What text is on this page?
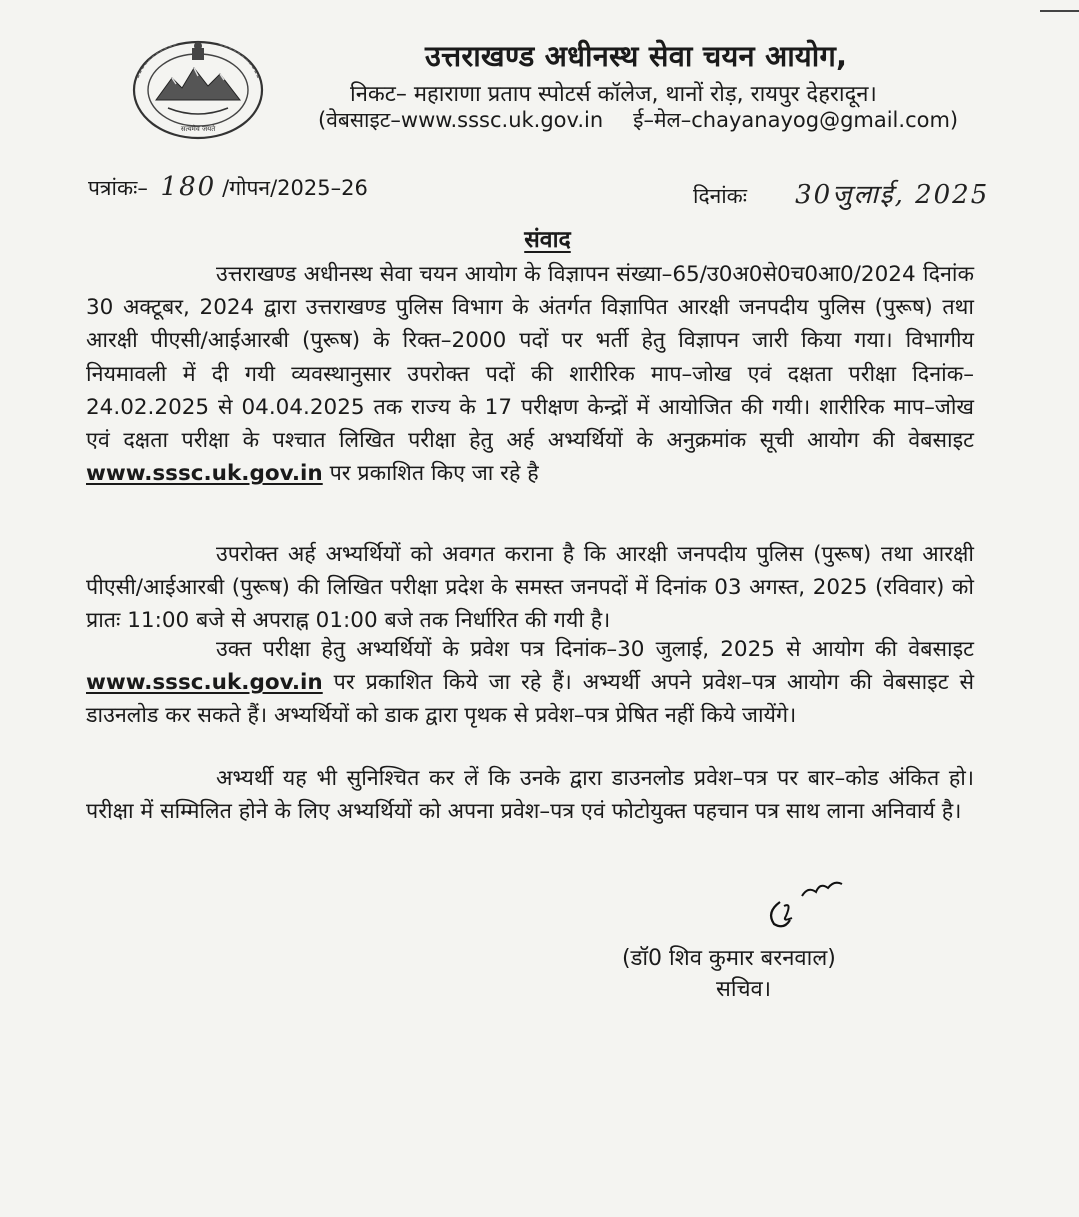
सत्यमेव जयते
उत्तराखण्ड अधीनस्थ सेवा चयन आयोग,
निकट– महाराणा प्रताप स्पोटर्स कॉलेज, थानों रोड़, रायपुर देहरादून।
(वेबसाइट–www.sssc.uk.gov.in ई–मेल–chayanayog@gmail.com)
पत्रांकः– 180 /गोपन/2025–26	दिनांकः 30जुलाई, 2025
संवाद
उत्तराखण्ड अधीनस्थ सेवा चयन आयोग के विज्ञापन संख्या–65/उ0अ0से0च0आ0/2024 दिनांक 30 अक्टूबर, 2024 द्वारा उत्तराखण्ड पुलिस विभाग के अंतर्गत विज्ञापित आरक्षी जनपदीय पुलिस (पुरूष) तथा आरक्षी पीएसी/आईआरबी (पुरूष) के रिक्त–2000 पदों पर भर्ती हेतु विज्ञापन जारी किया गया। विभागीय नियमावली में दी गयी व्यवस्थानुसार उपरोक्त पदों की शारीरिक माप–जोख एवं दक्षता परीक्षा दिनांक–24.02.2025 से 04.04.2025 तक राज्य के 17 परीक्षण केन्द्रों में आयोजित की गयी। शारीरिक माप–जोख एवं दक्षता परीक्षा के पश्चात लिखित परीक्षा हेतु अर्ह अभ्यर्थियों के अनुक्रमांक सूची आयोग की वेबसाइट www.sssc.uk.gov.in पर प्रकाशित किए जा रहे है
उपरोक्त अर्ह अभ्यर्थियों को अवगत कराना है कि आरक्षी जनपदीय पुलिस (पुरूष) तथा आरक्षी पीएसी/आईआरबी (पुरूष) की लिखित परीक्षा प्रदेश के समस्त जनपदों में दिनांक 03 अगस्त, 2025 (रविवार) को प्रातः 11:00 बजे से अपराह्न 01:00 बजे तक निर्धारित की गयी है।
उक्त परीक्षा हेतु अभ्यर्थियों के प्रवेश पत्र दिनांक–30 जुलाई, 2025 से आयोग की वेबसाइट www.sssc.uk.gov.in पर प्रकाशित किये जा रहे हैं। अभ्यर्थी अपने प्रवेश–पत्र आयोग की वेबसाइट से डाउनलोड कर सकते हैं। अभ्यर्थियों को डाक द्वारा पृथक से प्रवेश–पत्र प्रेषित नहीं किये जायेंगे।
अभ्यर्थी यह भी सुनिश्चित कर लें कि उनके द्वारा डाउनलोड प्रवेश–पत्र पर बार–कोड अंकित हो। परीक्षा में सम्मिलित होने के लिए अभ्यर्थियों को अपना प्रवेश–पत्र एवं फोटोयुक्त पहचान पत्र साथ लाना अनिवार्य है।
(डॉ0 शिव कुमार बरनवाल)
सचिव।
